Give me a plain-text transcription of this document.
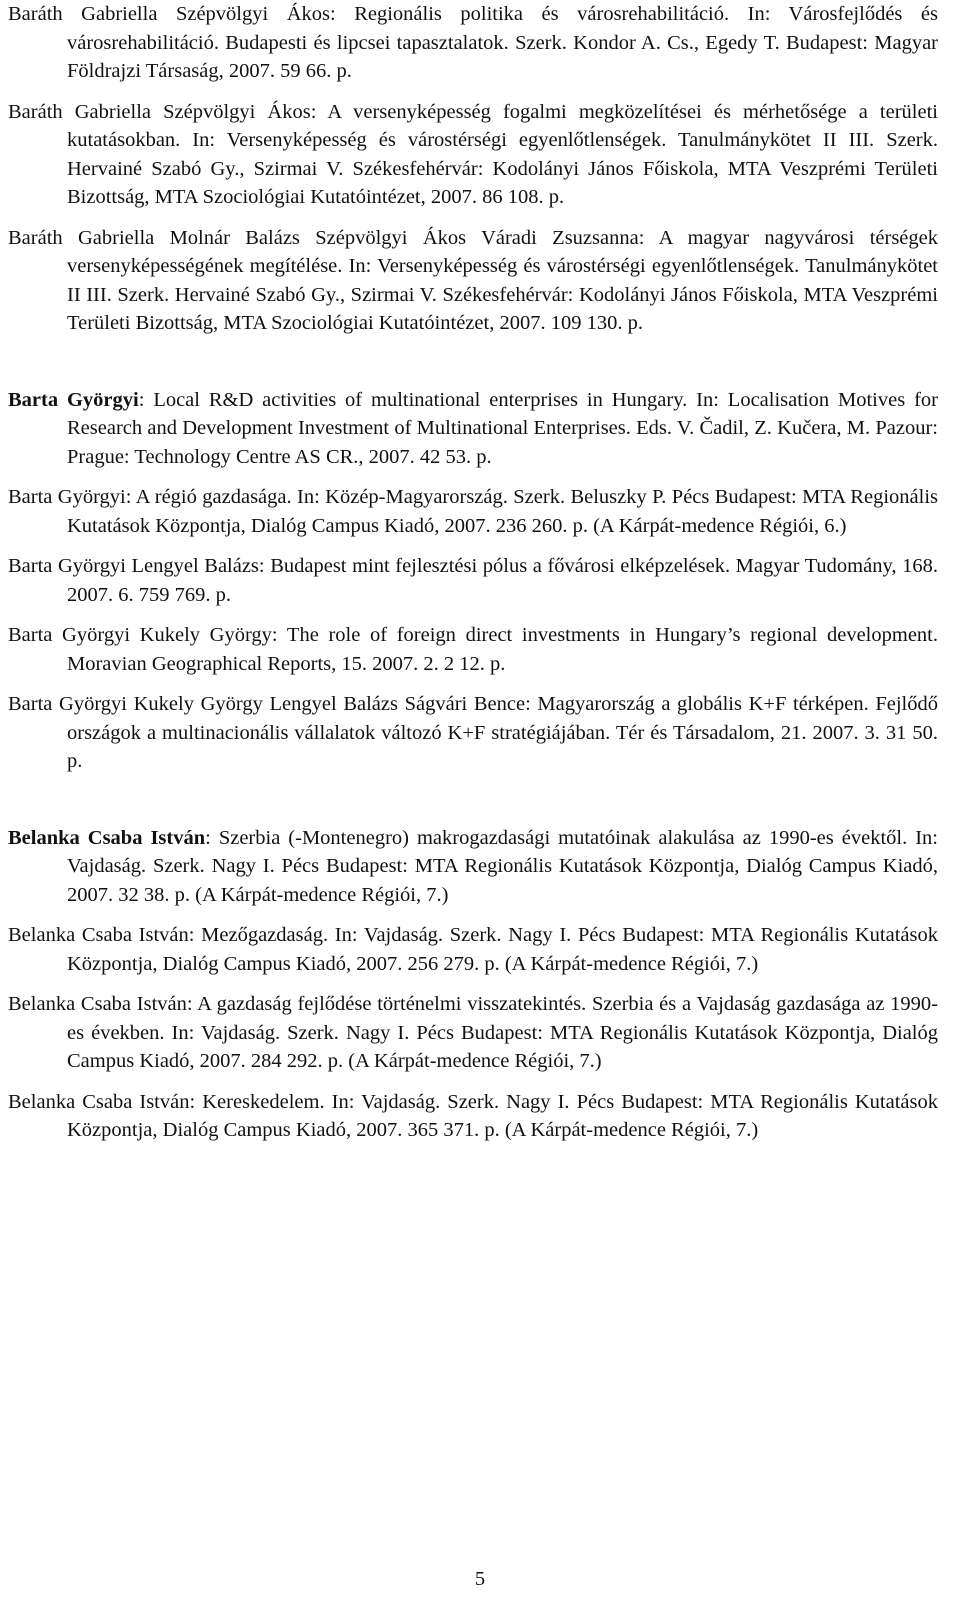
Baráth Gabriella Szépvölgyi Ákos: Regionális politika és városrehabilitáció. In: Városfejlődés és városrehabilitáció. Budapesti és lipcsei tapasztalatok. Szerk. Kondor A. Cs., Egedy T. Budapest: Magyar Földrajzi Társaság, 2007. 59 66. p.

Baráth Gabriella Szépvölgyi Ákos: A versenyképesség fogalmi megközelítései és mérhetősége a területi kutatásokban. In: Versenyképesség és várostérségi egyenlőtlenségek. Tanulmánykötet II III. Szerk. Hervainé Szabó Gy., Szirmai V. Székesfehérvár: Kodolányi János Főiskola, MTA Veszprémi Területi Bizottság, MTA Szociológiai Kutatóintézet, 2007. 86 108. p.

Baráth Gabriella Molnár Balázs Szépvölgyi Ákos Váradi Zsuzsanna: A magyar nagyvárosi térségek versenyképességének megítélése. In: Versenyképesség és várostérségi egyenlőtlenségek. Tanulmánykötet II III. Szerk. Hervainé Szabó Gy., Szirmai V. Székesfehérvár: Kodolányi János Főiskola, MTA Veszprémi Területi Bizottság, MTA Szociológiai Kutatóintézet, 2007. 109 130. p.

Barta Györgyi: Local R&D activities of multinational enterprises in Hungary. In: Localisation Motives for Research and Development Investment of Multinational Enterprises. Eds. V. Čadil, Z. Kučera, M. Pazour: Prague: Technology Centre AS CR., 2007. 42 53. p.

Barta Györgyi: A régió gazdasága. In: Közép-Magyarország. Szerk. Beluszky P. Pécs Budapest: MTA Regionális Kutatások Központja, Dialóg Campus Kiadó, 2007. 236 260. p. (A Kárpát-medence Régiói, 6.)

Barta Györgyi Lengyel Balázs: Budapest mint fejlesztési pólus a fővárosi elképzelések. Magyar Tudomány, 168. 2007. 6. 759 769. p.

Barta Györgyi Kukely György: The role of foreign direct investments in Hungary’s regional development. Moravian Geographical Reports, 15. 2007. 2. 2 12. p.

Barta Györgyi Kukely György Lengyel Balázs Ságvári Bence: Magyarország a globális K+F térképen. Fejlődő országok a multinacionális vállalatok változó K+F stratégiájában. Tér és Társadalom, 21. 2007. 3. 31 50. p.

Belanka Csaba István: Szerbia (-Montenegro) makrogazdasági mutatóinak alakulása az 1990-es évektől. In: Vajdaság. Szerk. Nagy I. Pécs Budapest: MTA Regionális Kutatások Központja, Dialóg Campus Kiadó, 2007. 32 38. p. (A Kárpát-medence Régiói, 7.)

Belanka Csaba István: Mezőgazdaság. In: Vajdaság. Szerk. Nagy I. Pécs Budapest: MTA Regionális Kutatások Központja, Dialóg Campus Kiadó, 2007. 256 279. p. (A Kárpát-medence Régiói, 7.)

Belanka Csaba István: A gazdaság fejlődése történelmi visszatekintés. Szerbia és a Vajdaság gazdasága az 1990-es években. In: Vajdaság. Szerk. Nagy I. Pécs Budapest: MTA Regionális Kutatások Központja, Dialóg Campus Kiadó, 2007. 284 292. p. (A Kárpát-medence Régiói, 7.)

Belanka Csaba István: Kereskedelem. In: Vajdaság. Szerk. Nagy I. Pécs Budapest: MTA Regionális Kutatások Központja, Dialóg Campus Kiadó, 2007. 365 371. p. (A Kárpát-medence Régiói, 7.)

5
